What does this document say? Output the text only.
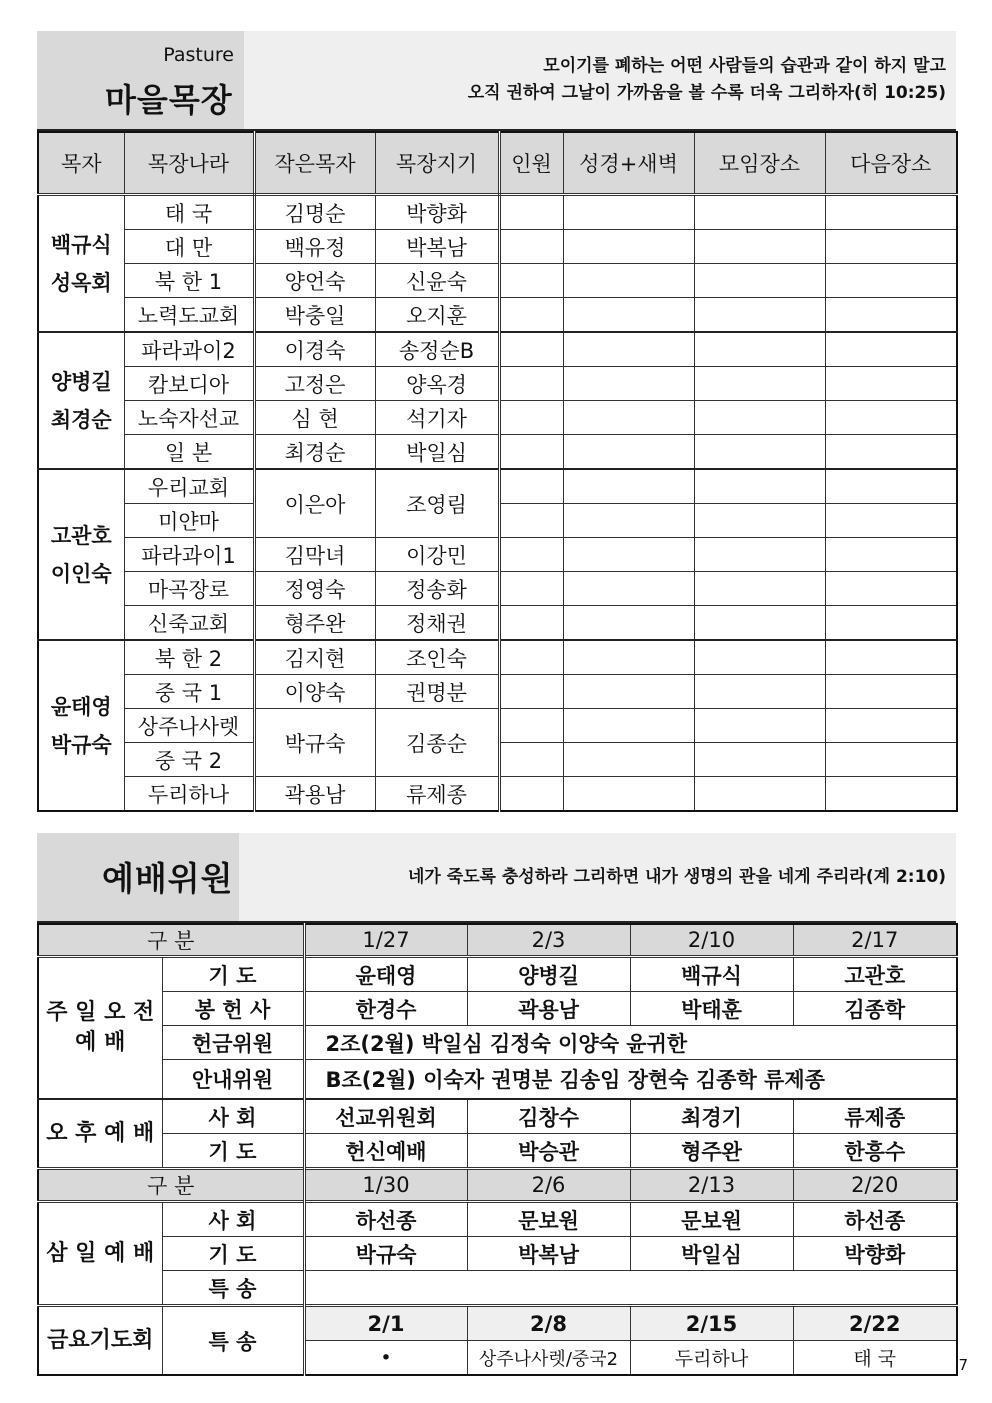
Pasture
마을목장
모이기를 폐하는 어떤 사람들의 습관과 같이 하지 말고
오직 권하여 그날이 가까움을 볼 수록 더욱 그리하자(히 10:25)
목자	목장나라	작은목자	목장지기	인원	성경+새벽	모임장소	다음장소
백규식 성옥회	태 국	김명순	박향화				
	대 만	백유정	박복남				
	북 한 1	양언숙	신윤숙				
	노력도교회	박충일	오지훈				
양병길 최경순	파라과이2	이경숙	송정순B				
	캄보디아	고정은	양옥경				
	노숙자선교	심 현	석기자				
	일 본	최경순	박일심				
고관호 이인숙	우리교회	이은아	조영림				
	미얀마						
	파라과이1	김막녀	이강민				
	마곡장로	정영숙	정송화				
	신죽교회	형주완	정채권				
윤태영 박규숙	북 한 2	김지현	조인숙				
	중 국 1	이양숙	권명분				
	상주나사렛	박규숙	김종순				
	중 국 2						
	두리하나	곽용남	류제종				
예배위원	네가 죽도록 충성하라 그리하면 내가 생명의 관을 네게 주리라(계 2:10)
구 분		1/27	2/3	2/10	2/17
주 일 오 전 예 배	기 도	윤태영	양병길	백규식	고관호
	봉 헌 사	한경수	곽용남	박태훈	김종학
	헌금위원	2조(2월) 박일심 김정숙 이양숙 윤귀한			
	안내위원	B조(2월) 이숙자 권명분 김송임 장현숙 김종학 류제종			
오 후 예 배	사 회	선교위원회	김창수	최경기	류제종
	기 도	헌신예배	박승관	형주완	한흥수
구 분		1/30	2/6	2/13	2/20
삼 일 예 배	사 회	하선종	문보원	문보원	하선종
	기 도	박규숙	박복남	박일심	박향화
	특 송				
금요기도회	특 송	2/1	2/8	2/15	2/22
		•	상주나사렛/중국2	두리하나	태 국	7
